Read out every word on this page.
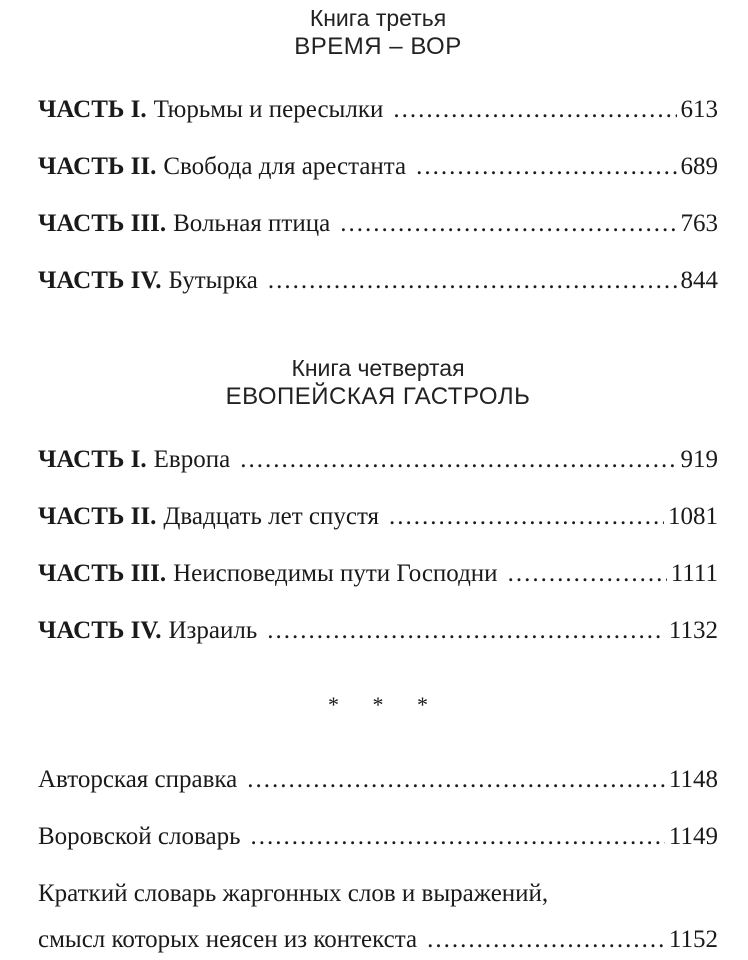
Книга третья
ВРЕМЯ – ВОР
ЧАСТЬ I. Тюрьмы и пересылки .....	613
ЧАСТЬ II. Свобода для арестанта .....	689
ЧАСТЬ III. Вольная птица .....	763
ЧАСТЬ IV. Бутырка .....	844
Книга четвертая
ЕВОПЕЙСКАЯ ГАСТРОЛЬ
ЧАСТЬ I. Европа .....	919
ЧАСТЬ II. Двадцать лет спустя .....	1081
ЧАСТЬ III. Неисповедимы пути Господни .....	1111
ЧАСТЬ IV. Израиль .....	1132
* * *
Авторская справка .....	1148
Воровской словарь .....	1149
Краткий словарь жаргонных слов и выражений,
смысл которых неясен из контекста .....	1152
